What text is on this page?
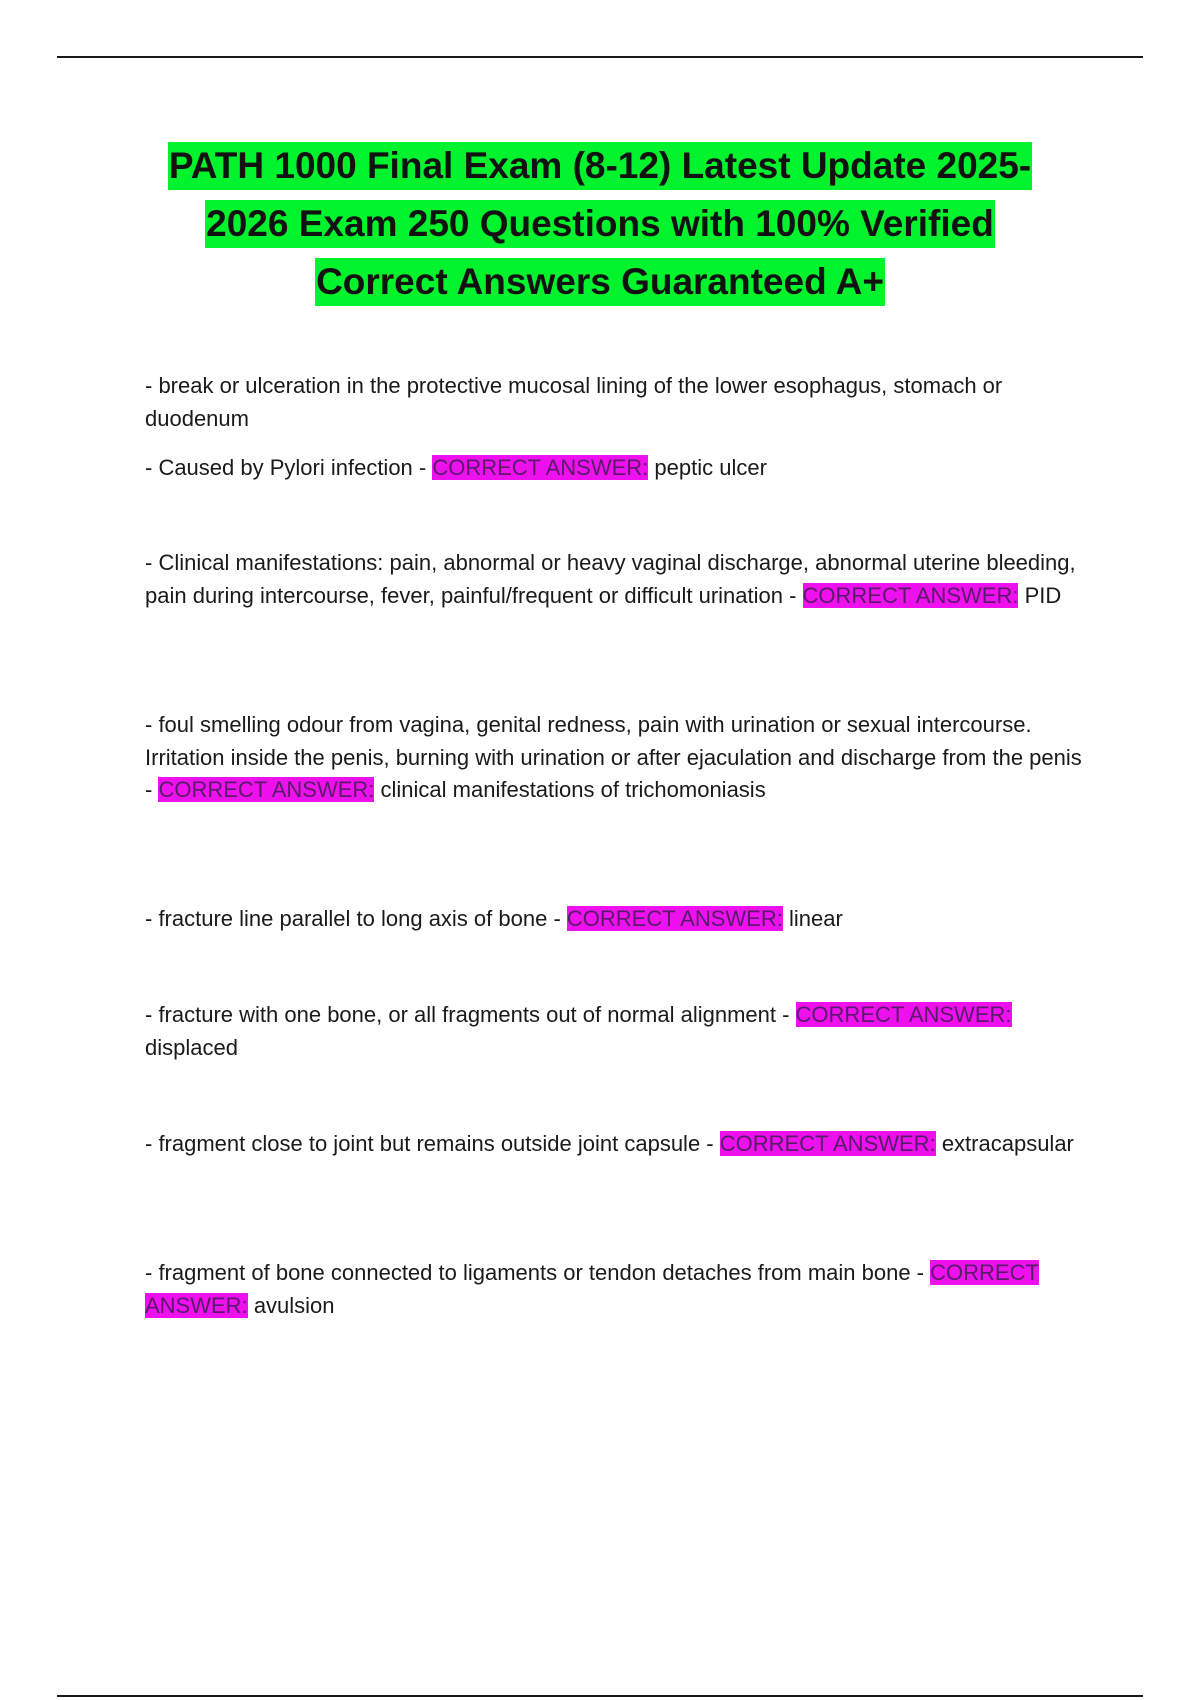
PATH 1000 Final Exam (8-12) Latest Update 2025-
2026 Exam 250 Questions with 100% Verified
Correct Answers Guaranteed A+

- break or ulceration in the protective mucosal lining of the lower esophagus, stomach or duodenum

- Caused by Pylori infection - CORRECT ANSWER: peptic ulcer

- Clinical manifestations: pain, abnormal or heavy vaginal discharge, abnormal uterine bleeding, pain during intercourse, fever, painful/frequent or difficult urination - CORRECT ANSWER: PID

- foul smelling odour from vagina, genital redness, pain with urination or sexual intercourse. Irritation inside the penis, burning with urination or after ejaculation and discharge from the penis - CORRECT ANSWER: clinical manifestations of trichomoniasis

- fracture line parallel to long axis of bone - CORRECT ANSWER: linear

- fracture with one bone, or all fragments out of normal alignment - CORRECT ANSWER: displaced

- fragment close to joint but remains outside joint capsule - CORRECT ANSWER: extracapsular

- fragment of bone connected to ligaments or tendon detaches from main bone - CORRECT ANSWER: avulsion
